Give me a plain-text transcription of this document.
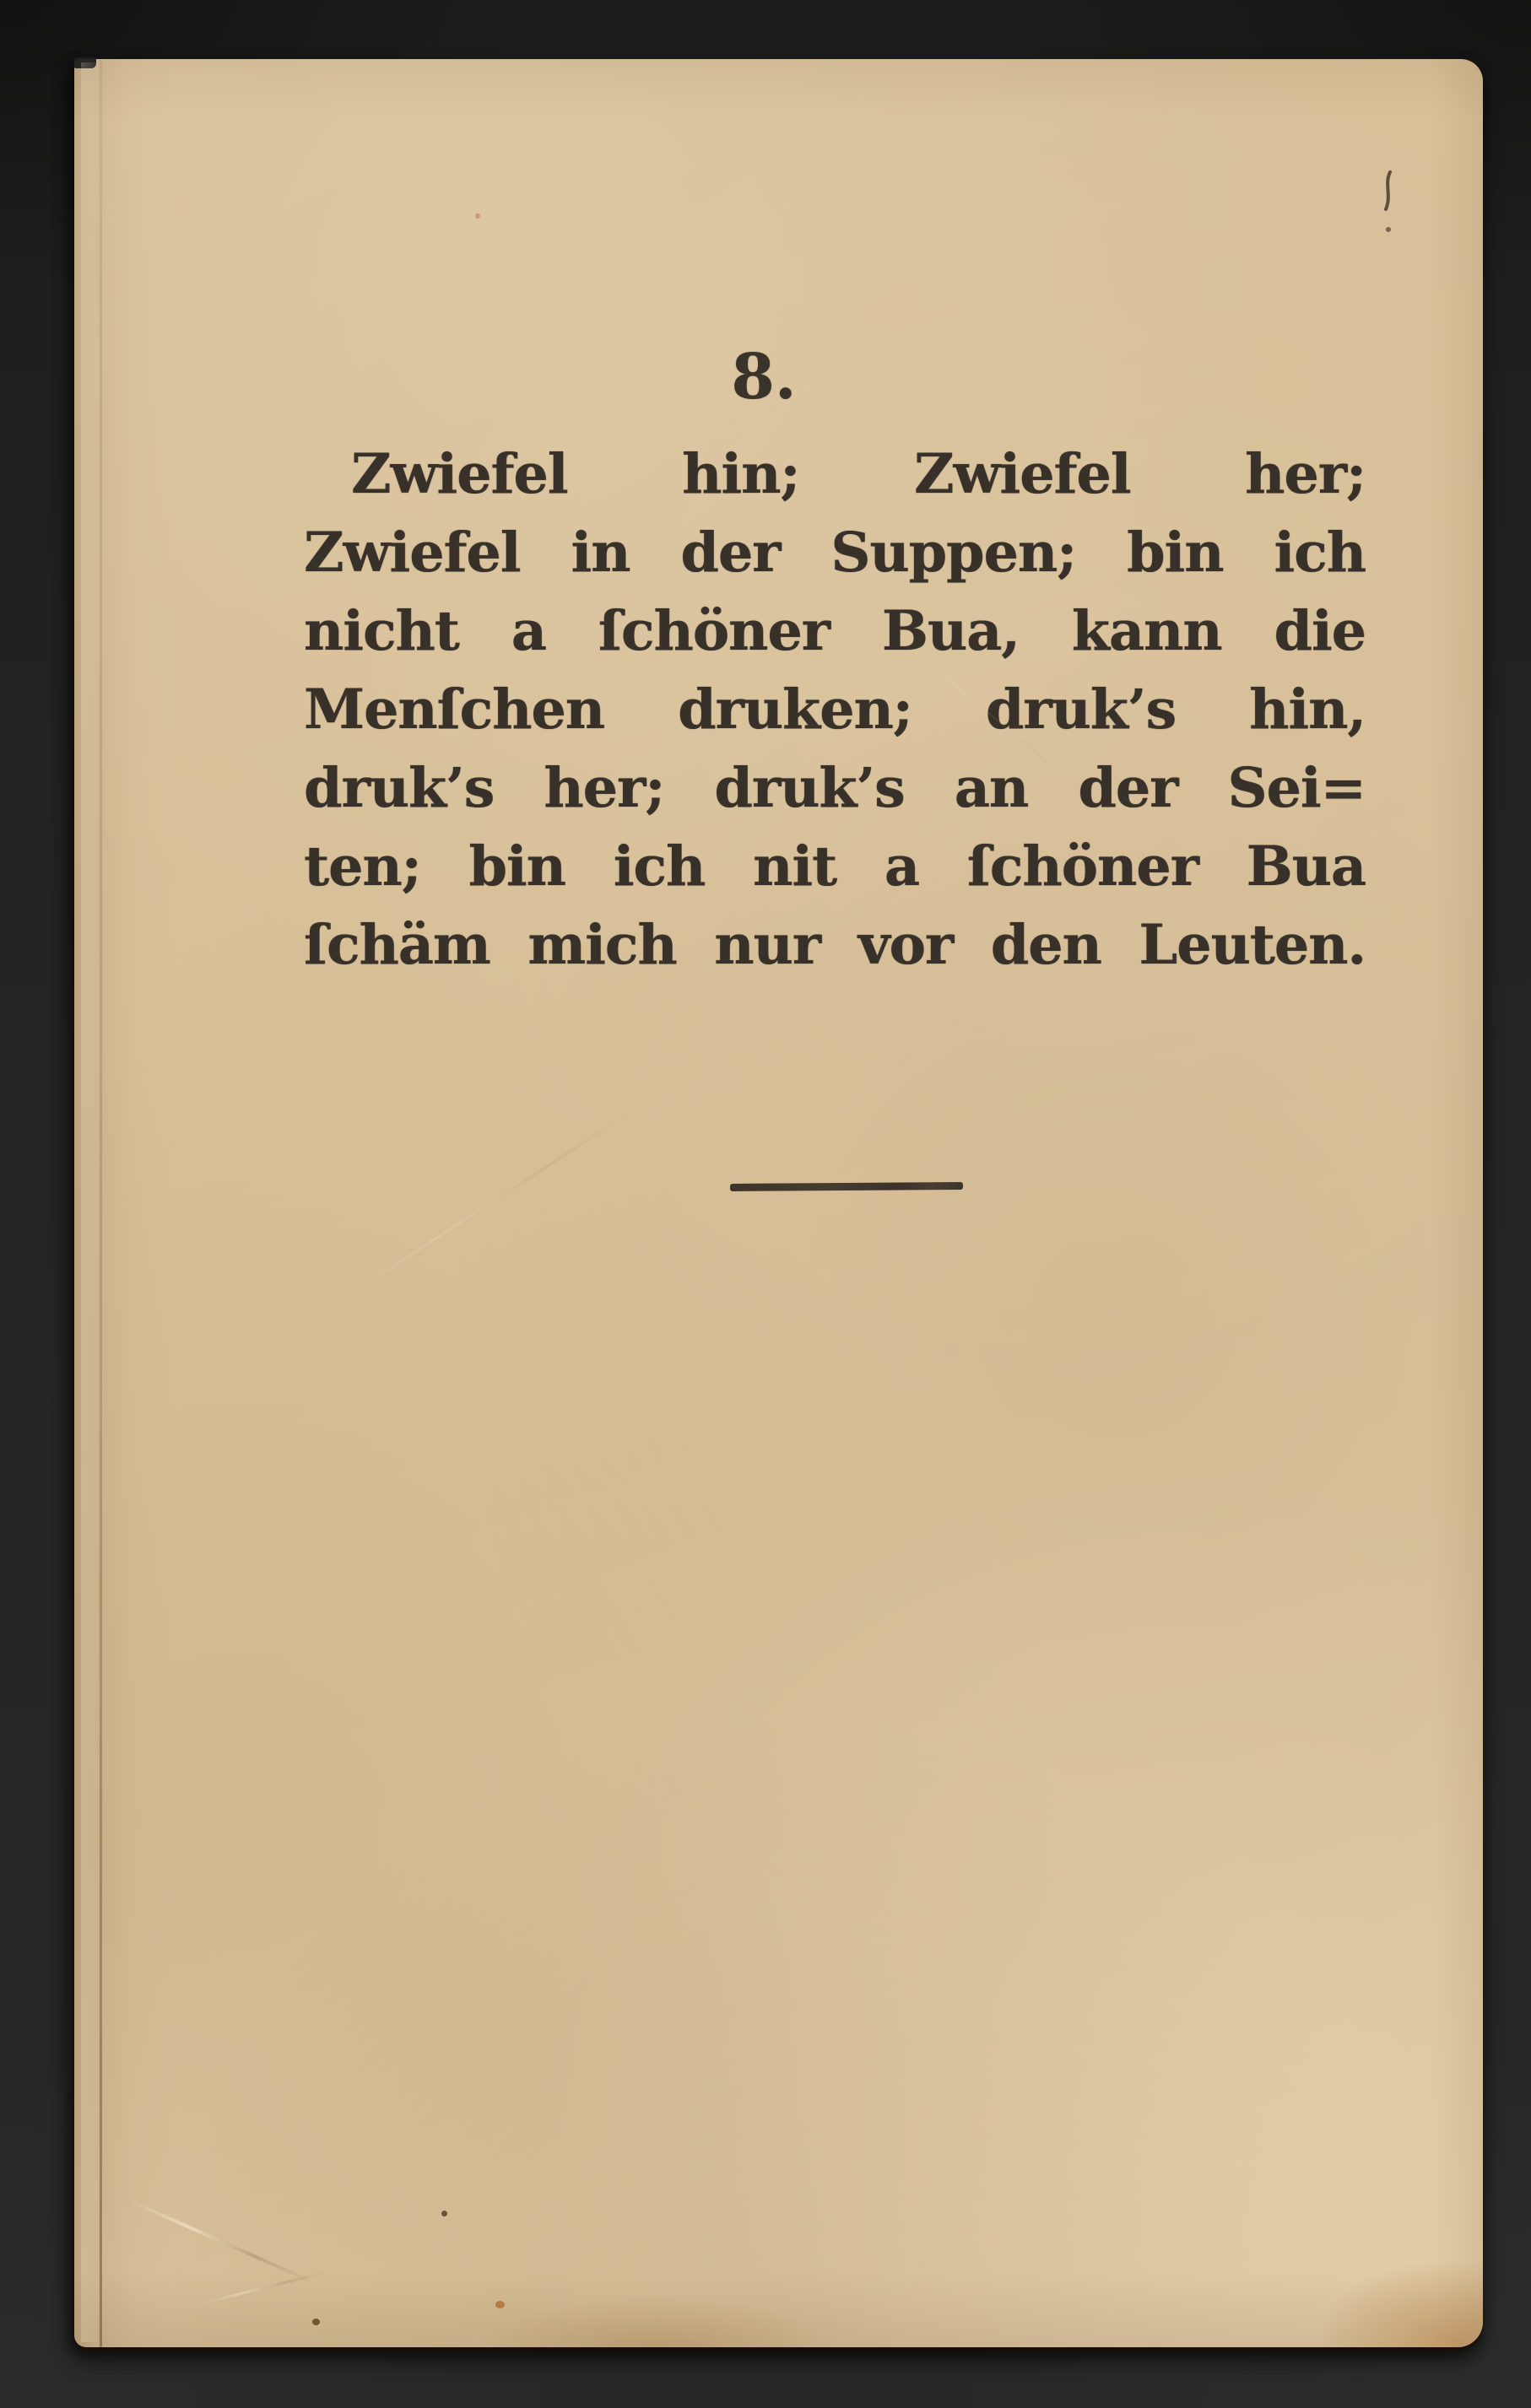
8.
Zwiefel hin; Zwiefel her;
Zwiefel in der Suppen; bin ich
nicht a ſchöner Bua, kann die
Menſchen druken; druk’s hin,
druk’s her; druk’s an der Sei=
ten; bin ich nit a ſchöner Bua
ſchäm mich nur vor den Leuten.
